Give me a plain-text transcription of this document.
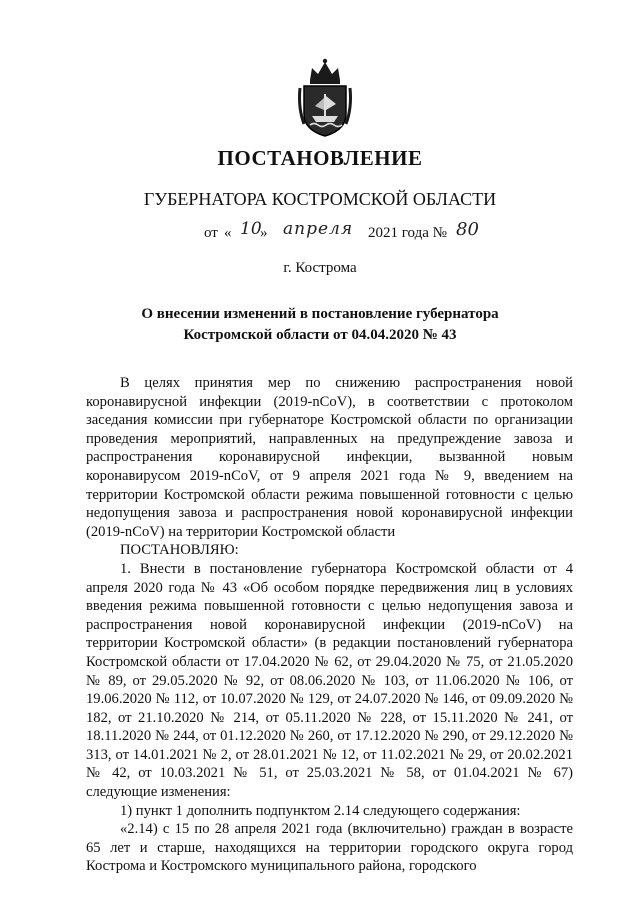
ПОСТАНОВЛЕНИЕ
ГУБЕРНАТОРА КОСТРОМСКОЙ ОБЛАСТИ
от « 10
» апреля 2021 года № 80
г. Кострома
О внесении изменений в постановление губернатора
Костромской области от 04.04.2020 № 43

В целях принятия мер по снижению распространения новой коронавирусной инфекции (2019-nCoV), в соответствии с протоколом заседания комиссии при губернаторе Костромской области по организации проведения мероприятий, направленных на предупреждение завоза и распространения коронавирусной инфекции, вызванной новым коронавирусом 2019-nCoV, от 9 апреля 2021 года № 9, введением на территории Костромской области режима повышенной готовности с целью недопущения завоза и распространения новой коронавирусной инфекции (2019-nCoV) на территории Костромской области

ПОСТАНОВЛЯЮ:

1. Внести в постановление губернатора Костромской области от 4 апреля 2020 года № 43 «Об особом порядке передвижения лиц в условиях введения режима повышенной готовности с целью недопущения завоза и распространения новой коронавирусной инфекции (2019-nCoV) на территории Костромской области» (в редакции постановлений губернатора Костромской области от 17.04.2020 № 62, от 29.04.2020 № 75, от 21.05.2020 № 89, от 29.05.2020 № 92, от 08.06.2020 № 103, от 11.06.2020 № 106, от 19.06.2020 № 112, от 10.07.2020 № 129, от 24.07.2020 № 146, от 09.09.2020 № 182, от 21.10.2020 № 214, от 05.11.2020 № 228, от 15.11.2020 № 241, от 18.11.2020 № 244, от 01.12.2020 № 260, от 17.12.2020 № 290, от 29.12.2020 № 313, от 14.01.2021 № 2, от 28.01.2021 № 12, от 11.02.2021 № 29, от 20.02.2021 № 42, от 10.03.2021 № 51, от 25.03.2021 № 58, от 01.04.2021 № 67) следующие изменения:

1) пункт 1 дополнить подпунктом 2.14 следующего содержания:

«2.14) с 15 по 28 апреля 2021 года (включительно) граждан в возрасте 65 лет и старше, находящихся на территории городского округа город Кострома и Костромского муниципального района, городского
